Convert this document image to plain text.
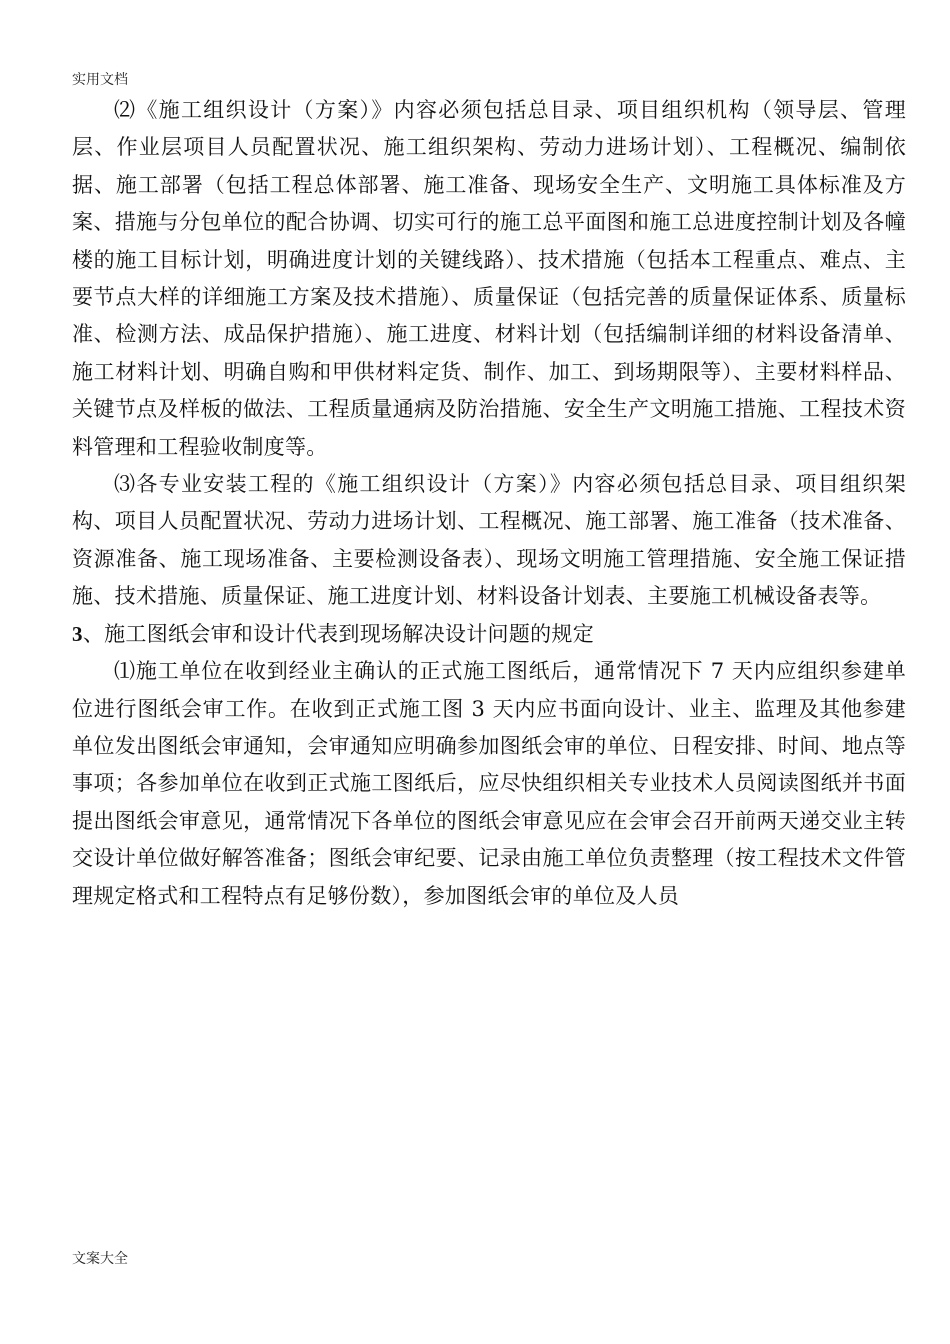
实用文档

⑵《施工组织设计（方案）》内容必须包括总目录、项目组织机构（领导层、管理层、作业层项目人员配置状况、施工组织架构、劳动力进场计划）、工程概况、编制依据、施工部署（包括工程总体部署、施工准备、现场安全生产、文明施工具体标准及方案、措施与分包单位的配合协调、切实可行的施工总平面图和施工总进度控制计划及各幢楼的施工目标计划，明确进度计划的关键线路）、技术措施（包括本工程重点、难点、主要节点大样的详细施工方案及技术措施）、质量保证（包括完善的质量保证体系、质量标准、检测方法、成品保护措施）、施工进度、材料计划（包括编制详细的材料设备清单、施工材料计划、明确自购和甲供材料定货、制作、加工、到场期限等）、主要材料样品、关键节点及样板的做法、工程质量通病及防治措施、安全生产文明施工措施、工程技术资料管理和工程验收制度等。

⑶各专业安装工程的《施工组织设计（方案）》内容必须包括总目录、项目组织架构、项目人员配置状况、劳动力进场计划、工程概况、施工部署、施工准备（技术准备、资源准备、施工现场准备、主要检测设备表）、现场文明施工管理措施、安全施工保证措施、技术措施、质量保证、施工进度计划、材料设备计划表、主要施工机械设备表等。

3、施工图纸会审和设计代表到现场解决设计问题的规定

⑴施工单位在收到经业主确认的正式施工图纸后，通常情况下 7 天内应组织参建单位进行图纸会审工作。在收到正式施工图 3 天内应书面向设计、业主、监理及其他参建单位发出图纸会审通知，会审通知应明确参加图纸会审的单位、日程安排、时间、地点等事项；各参加单位在收到正式施工图纸后，应尽快组织相关专业技术人员阅读图纸并书面提出图纸会审意见，通常情况下各单位的图纸会审意见应在会审会召开前两天递交业主转交设计单位做好解答准备；图纸会审纪要、记录由施工单位负责整理（按工程技术文件管理规定格式和工程特点有足够份数），参加图纸会审的单位及人员

文案大全
